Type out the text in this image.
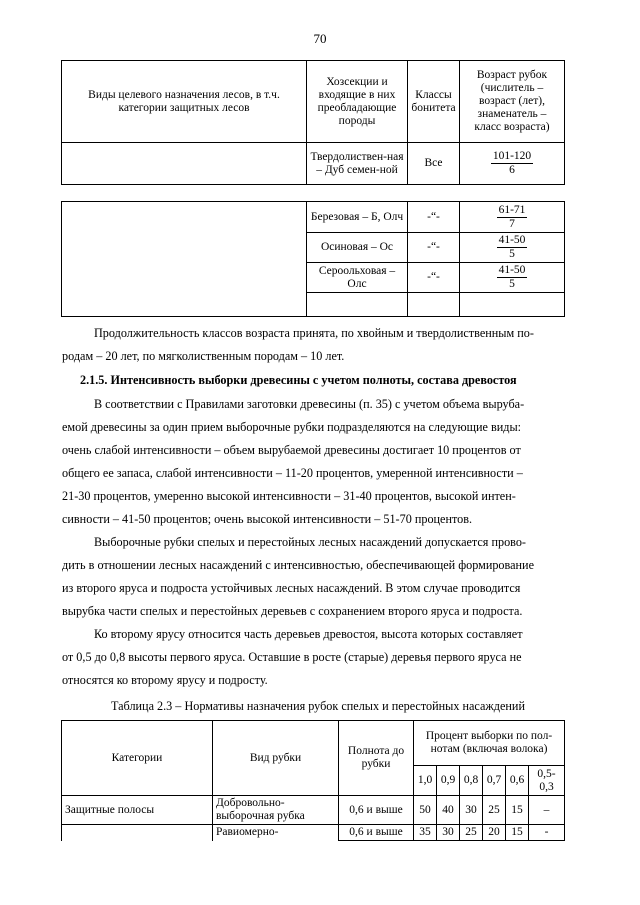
70
Виды целевого назначения лесов, в т.ч. категории защитных лесов	Хозсекции и входящие в них преобладающие породы	Классы бонитета	Возраст рубок (числитель – возраст (лет), знаменатель – класс возраста)
	Твердолиствен-ная – Дуб семен-ной	Все	101-120
6
	Березовая – Б, Олч	-“-	61-71
7

	Осиновая – Ос	-“-	41-50
5

	Сероольховая – Олс	-“-	41-50
5

Продолжительность классов возраста принята, по хвойным и твердолиственным по-
родам – 20 лет, по мягколиственным породам – 10 лет.
2.1.5. Интенсивность выборки древесины с учетом полноты, состава древостоя
В соответствии с Правилами заготовки древесины (п. 35) с учетом объема выруба-
емой древесины за один прием выборочные рубки подразделяются на следующие виды:
очень слабой интенсивности – объем вырубаемой древесины достигает 10 процентов от
общего ее запаса, слабой интенсивности – 11-20 процентов, умеренной интенсивности –
21-30 процентов, умеренно высокой интенсивности – 31-40 процентов, высокой интен-
сивности – 41-50 процентов; очень высокой интенсивности – 51-70 процентов.
Выборочные рубки спелых и перестойных лесных насаждений допускается прово-
дить в отношении лесных насаждений с интенсивностью, обеспечивающей формирование
из второго яруса и подроста устойчивых лесных насаждений. В этом случае проводится
вырубка части спелых и перестойных деревьев с сохранением второго яруса и подроста.
Ко второму ярусу относится часть деревьев древостоя, высота которых составляет
от 0,5 до 0,8 высоты первого яруса. Оставшие в росте (старые) деревья первого яруса не
относятся ко второму ярусу и подросту.
Таблица 2.3 – Нормативы назначения рубок спелых и перестойных насаждений
Категории	Вид рубки	Полнота до рубки	Процент выборки по пол-нотам (включая волока)					
			1,0	0,9	0,8	0,7	0,6	0,5-0,3
Защитные полосы	Добровольно-выборочная рубка	0,6 и выше	50	40	30	25	15	–
	Равиомерно-	0,6 и выше	35	30	25	20	15	-
